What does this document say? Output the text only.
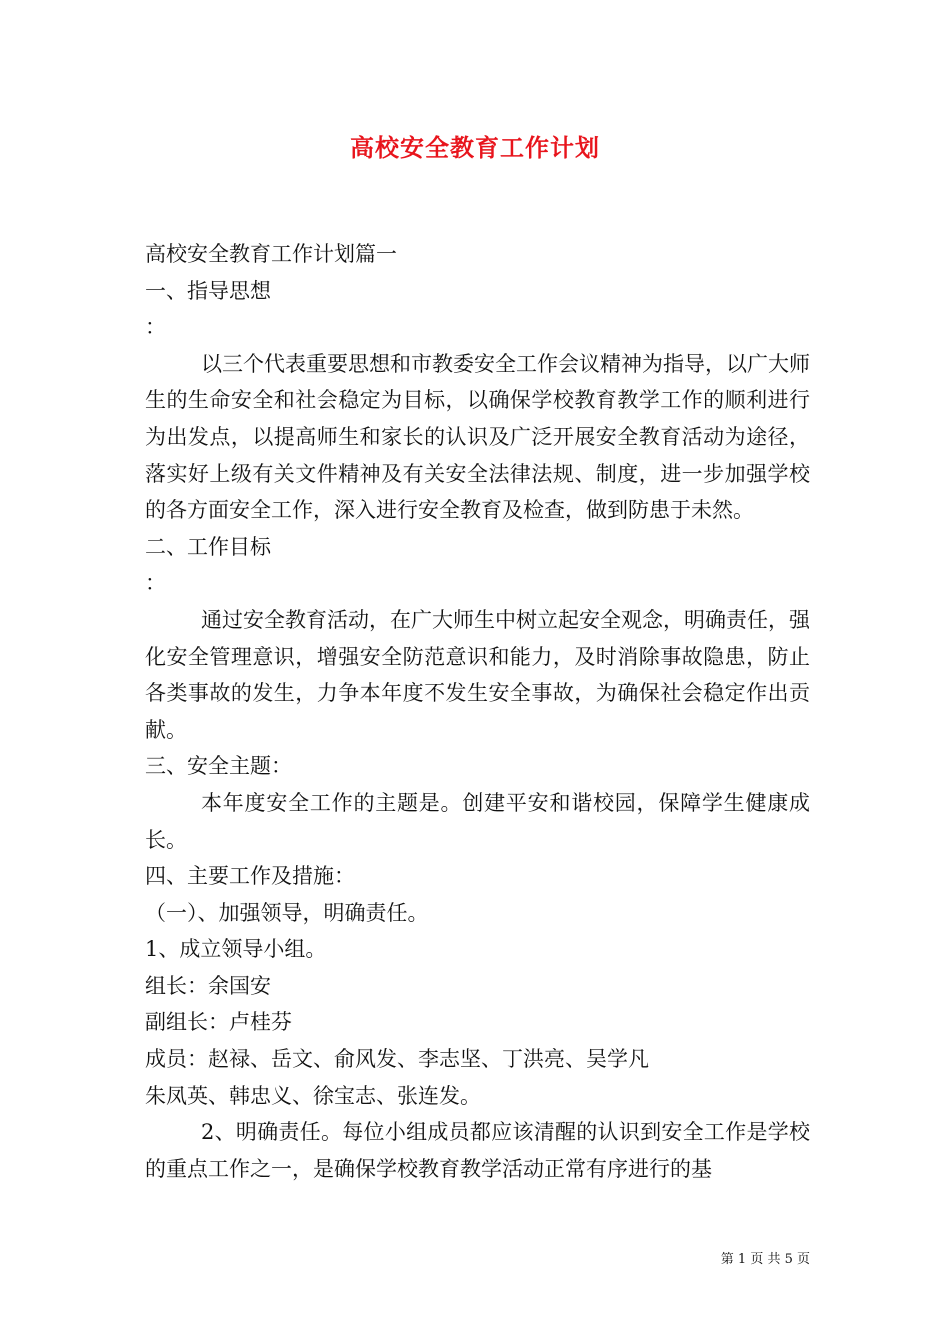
高校安全教育工作计划

高校安全教育工作计划篇一

一、指导思想

：

以三个代表重要思想和市教委安全工作会议精神为指导，以广大师生的生命安全和社会稳定为目标，以确保学校教育教学工作的顺利进行为出发点，以提高师生和家长的认识及广泛开展安全教育活动为途径，落实好上级有关文件精神及有关安全法律法规、制度，进一步加强学校的各方面安全工作，深入进行安全教育及检查，做到防患于未然。

二、工作目标

：

通过安全教育活动，在广大师生中树立起安全观念，明确责任，强化安全管理意识，增强安全防范意识和能力，及时消除事故隐患，防止各类事故的发生，力争本年度不发生安全事故，为确保社会稳定作出贡献。

三、安全主题：

本年度安全工作的主题是。创建平安和谐校园，保障学生健康成长。

四、主要工作及措施：

（一）、加强领导，明确责任。

1、成立领导小组。

组长：余国安

副组长：卢桂芬

成员：赵禄、岳文、俞风发、李志坚、丁洪亮、吴学凡

朱凤英、韩忠义、徐宝志、张连发。

2、明确责任。每位小组成员都应该清醒的认识到安全工作是学校的重点工作之一，是确保学校教育教学活动正常有序进行的基

第 1 页 共 5 页
